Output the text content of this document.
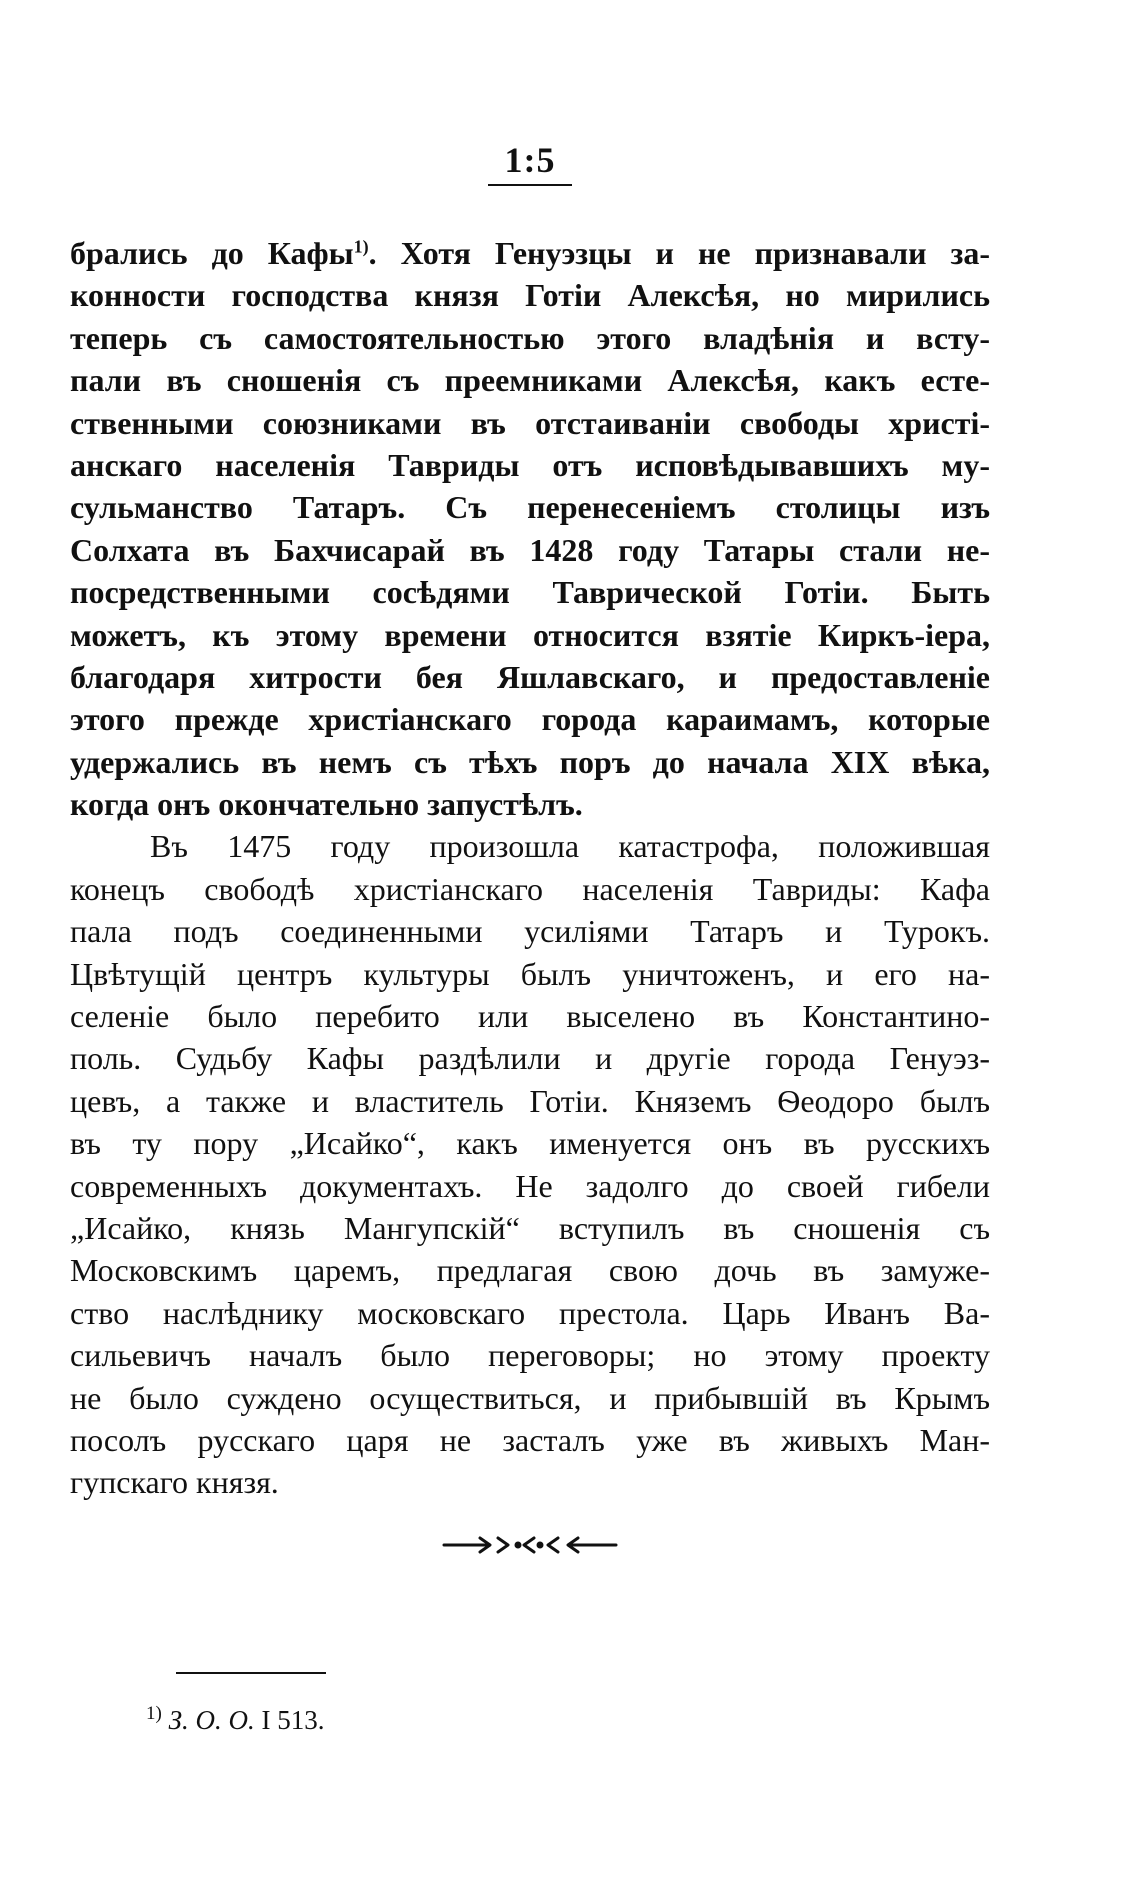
1:5
брались до Кафы$^{1)}$. Хотя Генуэзцы и не признавали за-
конности господства князя Готіи Алексѣя, но мирились
теперь съ самостоятельностью этого владѣнія и всту-
пали въ сношенія съ преемниками Алексѣя, какъ есте-
ственными союзниками въ отстаиваніи свободы христі-
анскаго населенія Тавриды отъ исповѣдывавшихъ му-
сульманство Татаръ. Съ перенесеніемъ столицы изъ
Солхата въ Бахчисарай въ 1428 году Татары стали не-
посредственными сосѣдями Таврической Готіи. Быть
можетъ, къ этому времени относится взятіе Киркъ-іера,
благодаря хитрости бея Яшлавскаго, и предоставленіе
этого прежде христіанскаго города караимамъ, которые
удержались въ немъ съ тѣхъ поръ до начала XIX вѣка,
когда онъ окончательно запустѣлъ.
Въ 1475 году произошла катастрофа, положившая
конецъ свободѣ христіанскаго населенія Тавриды: Кафа
пала подъ соединенными усиліями Татаръ и Турокъ.
Цвѣтущій центръ культуры былъ уничтоженъ, и его на-
селеніе было перебито или выселено въ Константино-
поль. Судьбу Кафы раздѣлили и другіе города Генуэз-
цевъ, а также и властитель Готіи. Княземъ Ѳеодоро былъ
въ ту пору „Исайко“, какъ именуется онъ въ русскихъ
современныхъ документахъ. Не задолго до своей гибели
„Исайко, князь Мангупскій“ вступилъ въ сношенія съ
Московскимъ царемъ, предлагая свою дочь въ замуже-
ство наслѣднику московскаго престола. Царь Иванъ Ва-
сильевичъ началъ было переговоры; но этому проекту
не было суждено осуществиться, и прибывшій въ Крымъ
посолъ русскаго царя не засталъ уже въ живыхъ Ман-
гупскаго князя.
$^{1)}$ З. О. О. I 513.
